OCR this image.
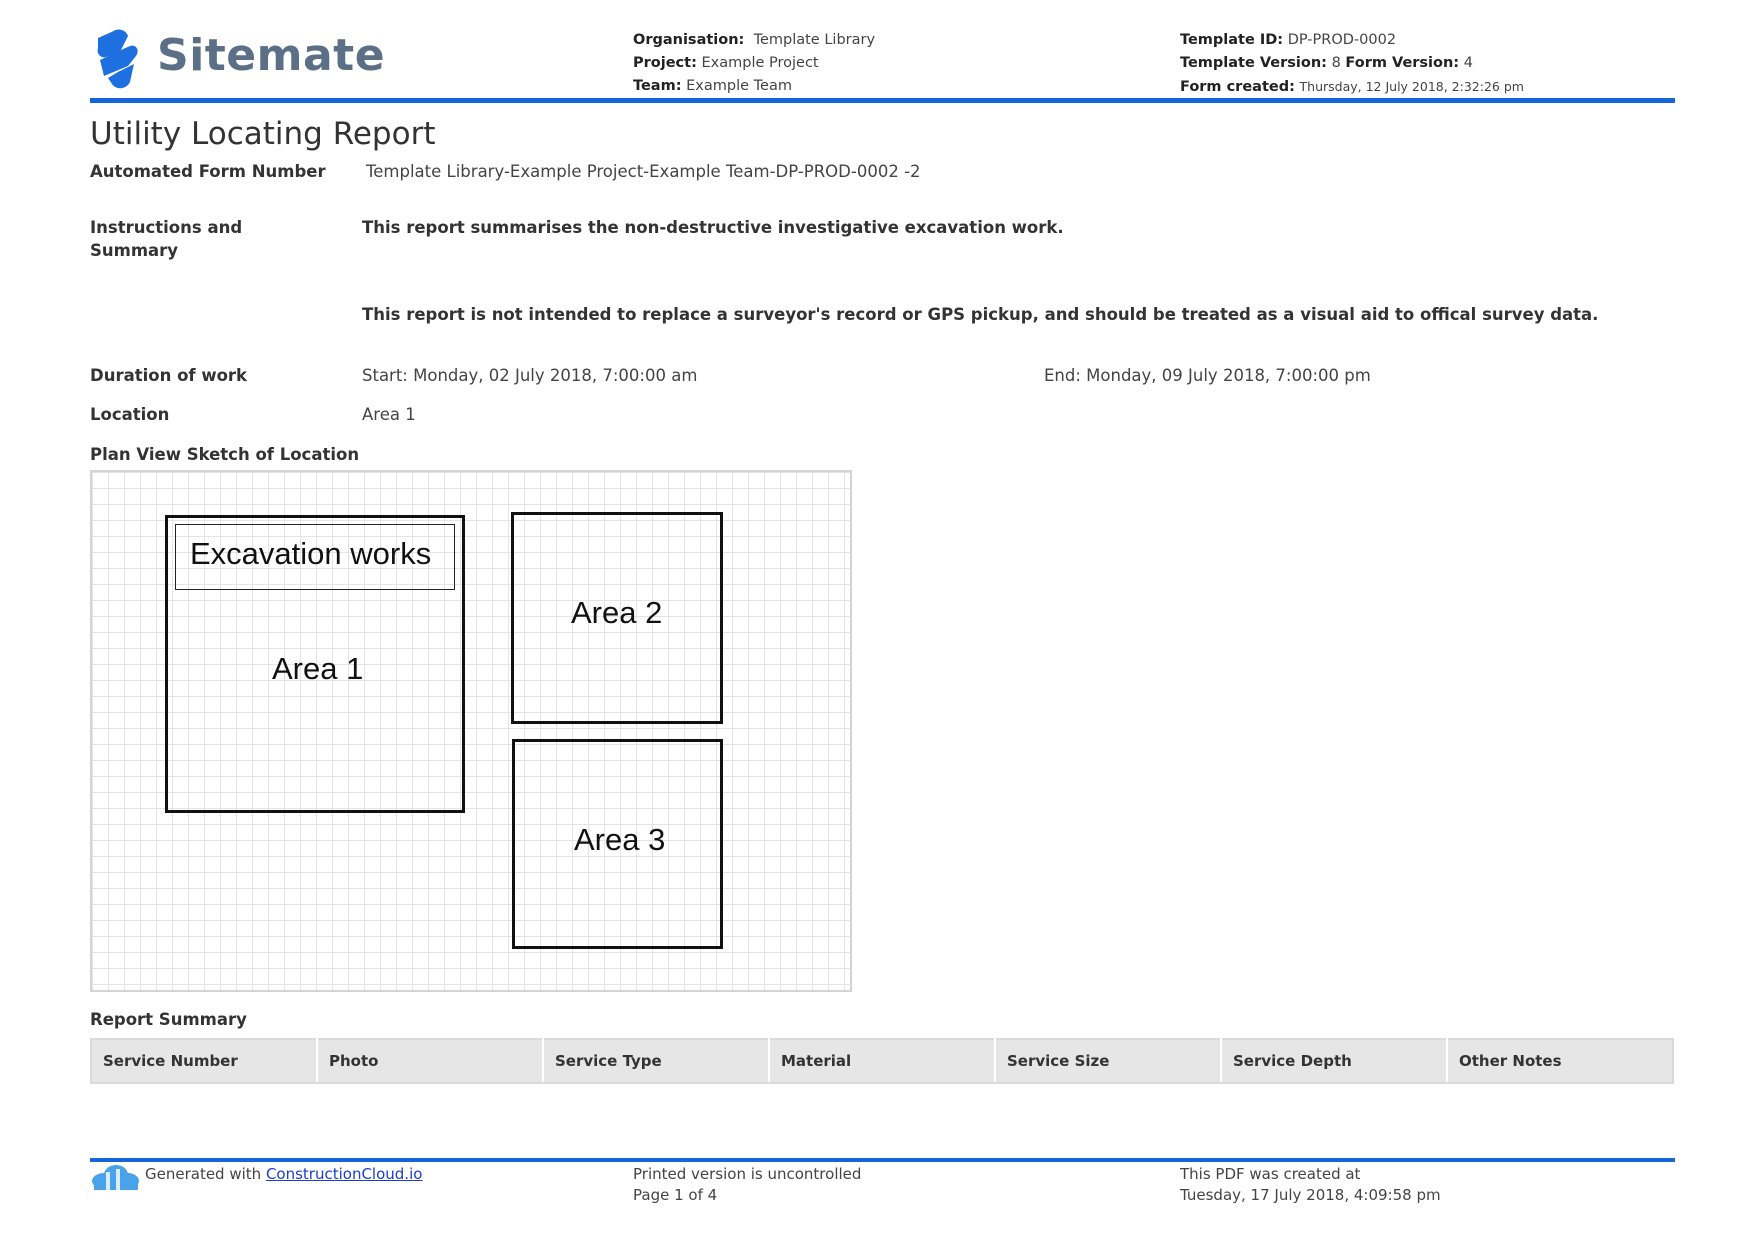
Sitemate	Organisation: Template Library
Project: Example Project
Team: Example Team
Template ID: DP-PROD-0002
Template Version: 8 Form Version: 4
Form created: Thursday, 12 July 2018, 2:32:26 pm
Utility Locating Report
Automated Form Number Template Library-Example Project-Example Team-DP-PROD-0002 -2
Instructions and Summary
This report summarises the non-destructive investigative excavation work.
This report is not intended to replace a surveyor's record or GPS pickup, and should be treated as a visual aid to offical survey data.
Duration of work	Start: Monday, 02 July 2018, 7:00:00 am	End: Monday, 09 July 2018, 7:00:00 pm
Location	Area 1
Plan View Sketch of Location
Excavation works
Area 1
Area 2
Area 3
Report Summary
Service Number	Photo	Service Type	Material	Service Size	Service Depth	Other Notes
Generated with ConstructionCloud.io	Printed version is uncontrolled
Page 1 of 4
This PDF was created at
Tuesday, 17 July 2018, 4:09:58 pm
